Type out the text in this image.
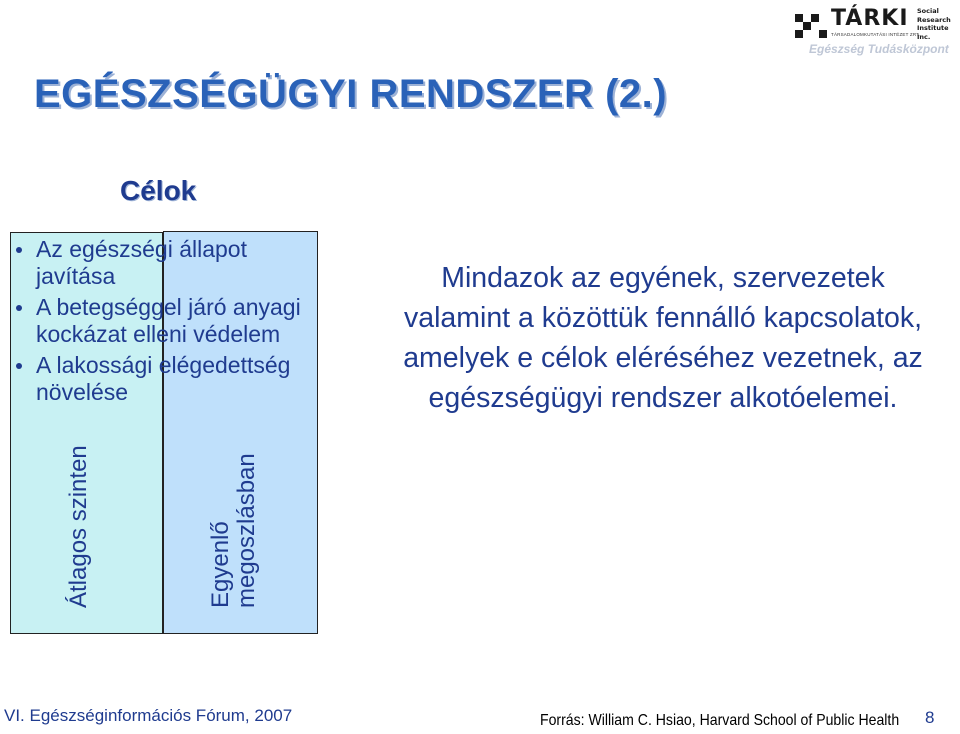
TÁRKI Social
Research
Institute Inc.
TÁRSADALOMKUTATÁSI INTÉZET ZRT.
Egészség Tudásközpont
EGÉSZSÉGÜGYI RENDSZER (2.)
Célok
Az egészségi állapot javítása
A betegséggel járó anyagi kockázat elleni védelem
A lakossági elégedettség növelése
Átlagos szinten	Egyenlő megoszlásban

Mindazok az egyének, szervezetek valamint a közöttük fennálló kapcsolatok, amelyek e célok eléréséhez vezetnek, az egészségügyi rendszer alkotóelemei.

VI. Egészséginformációs Fórum, 2007	Forrás: William C. Hsiao, Harvard School of Public Health 8
